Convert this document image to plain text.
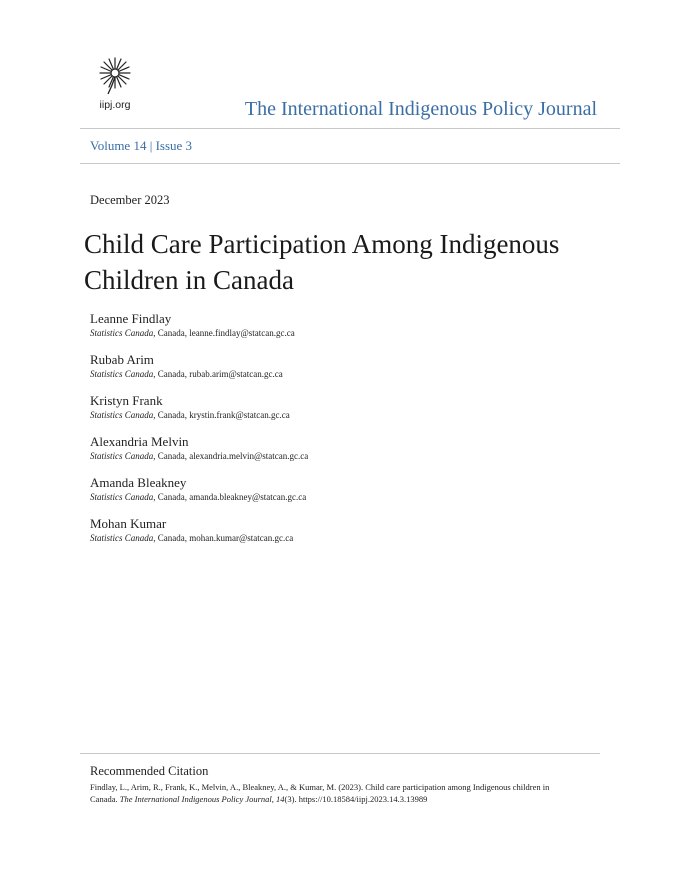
iipj.org	The International Indigenous Policy Journal
Volume 14 | Issue 3
December 2023
Child Care Participation Among Indigenous Children in Canada
Leanne Findlay
Statistics Canada, Canada, leanne.findlay@statcan.gc.ca
Rubab Arim
Statistics Canada, Canada, rubab.arim@statcan.gc.ca
Kristyn Frank
Statistics Canada, Canada, krystin.frank@statcan.gc.ca
Alexandria Melvin
Statistics Canada, Canada, alexandria.melvin@statcan.gc.ca
Amanda Bleakney
Statistics Canada, Canada, amanda.bleakney@statcan.gc.ca
Mohan Kumar
Statistics Canada, Canada, mohan.kumar@statcan.gc.ca
Recommended Citation
Findlay, L., Arim, R., Frank, K., Melvin, A., Bleakney, A., & Kumar, M. (2023). Child care participation among Indigenous children in Canada. The International Indigenous Policy Journal, 14(3). https://10.18584/iipj.2023.14.3.13989
